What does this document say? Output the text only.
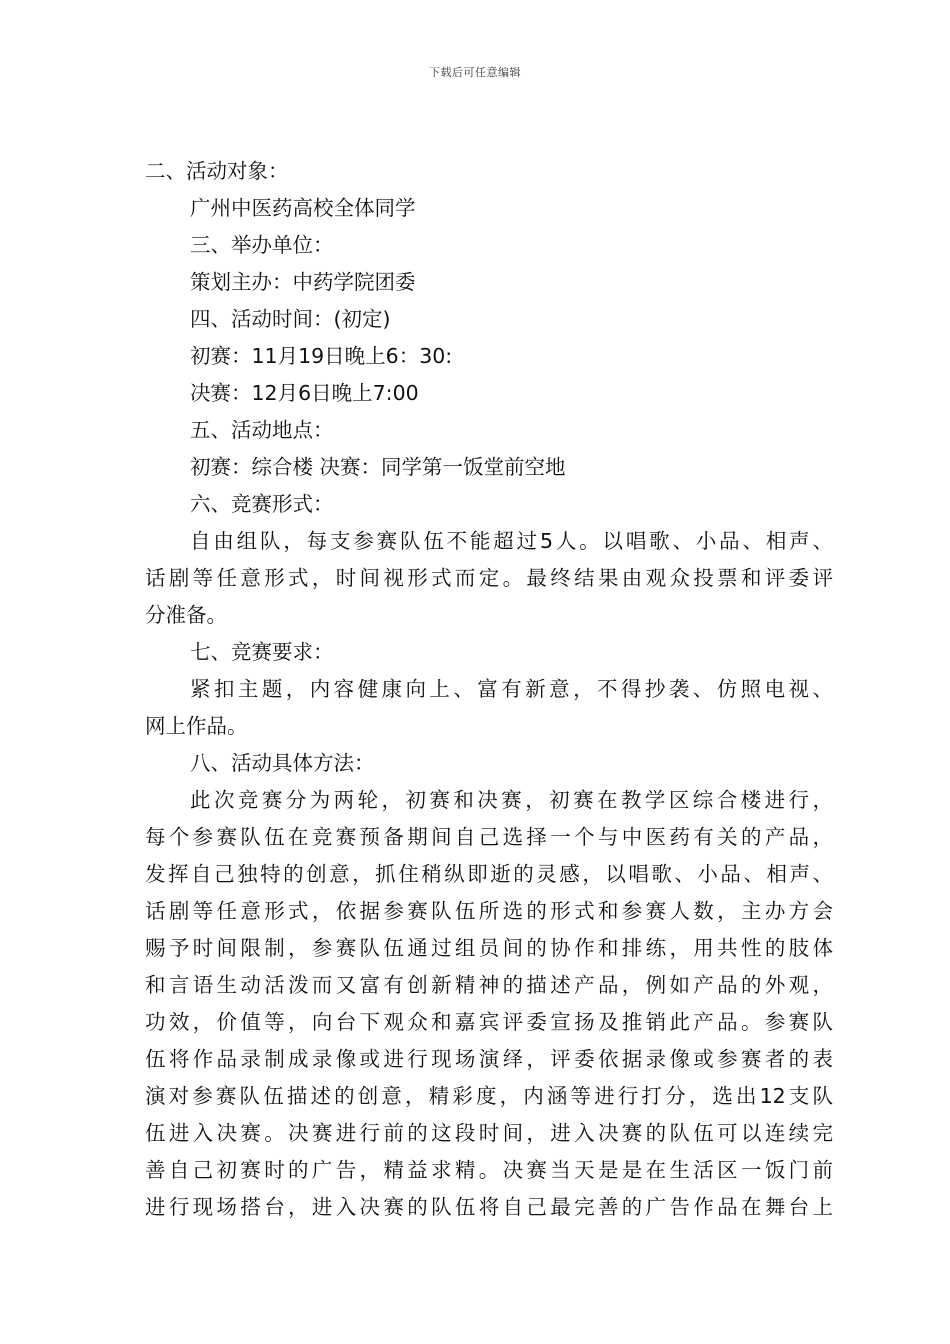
下载后可任意编辑
二、活动对象：
广州中医药高校全体同学
三、举办单位：
策划主办：中药学院团委
四、活动时间：(初定)
初赛：11月19日晚上6：30:
决赛：12月6日晚上7:00
五、活动地点：
初赛：综合楼 决赛：同学第一饭堂前空地
六、竞赛形式：
自由组队，每支参赛队伍不能超过5人。以唱歌、小品、相声、
话剧等任意形式，时间视形式而定。最终结果由观众投票和评委评
分准备。
七、竞赛要求：
紧扣主题，内容健康向上、富有新意，不得抄袭、仿照电视、
网上作品。
八、活动具体方法：
此次竞赛分为两轮，初赛和决赛，初赛在教学区综合楼进行，
每个参赛队伍在竞赛预备期间自己选择一个与中医药有关的产品，
发挥自己独特的创意，抓住稍纵即逝的灵感，以唱歌、小品、相声、
话剧等任意形式，依据参赛队伍所选的形式和参赛人数，主办方会
赐予时间限制，参赛队伍通过组员间的协作和排练，用共性的肢体
和言语生动活泼而又富有创新精神的描述产品，例如产品的外观，
功效，价值等，向台下观众和嘉宾评委宣扬及推销此产品。参赛队
伍将作品录制成录像或进行现场演绎，评委依据录像或参赛者的表
演对参赛队伍描述的创意，精彩度，内涵等进行打分，选出12支队
伍进入决赛。决赛进行前的这段时间，进入决赛的队伍可以连续完
善自己初赛时的广告，精益求精。决赛当天是是在生活区一饭门前
进行现场搭台，进入决赛的队伍将自己最完善的广告作品在舞台上
